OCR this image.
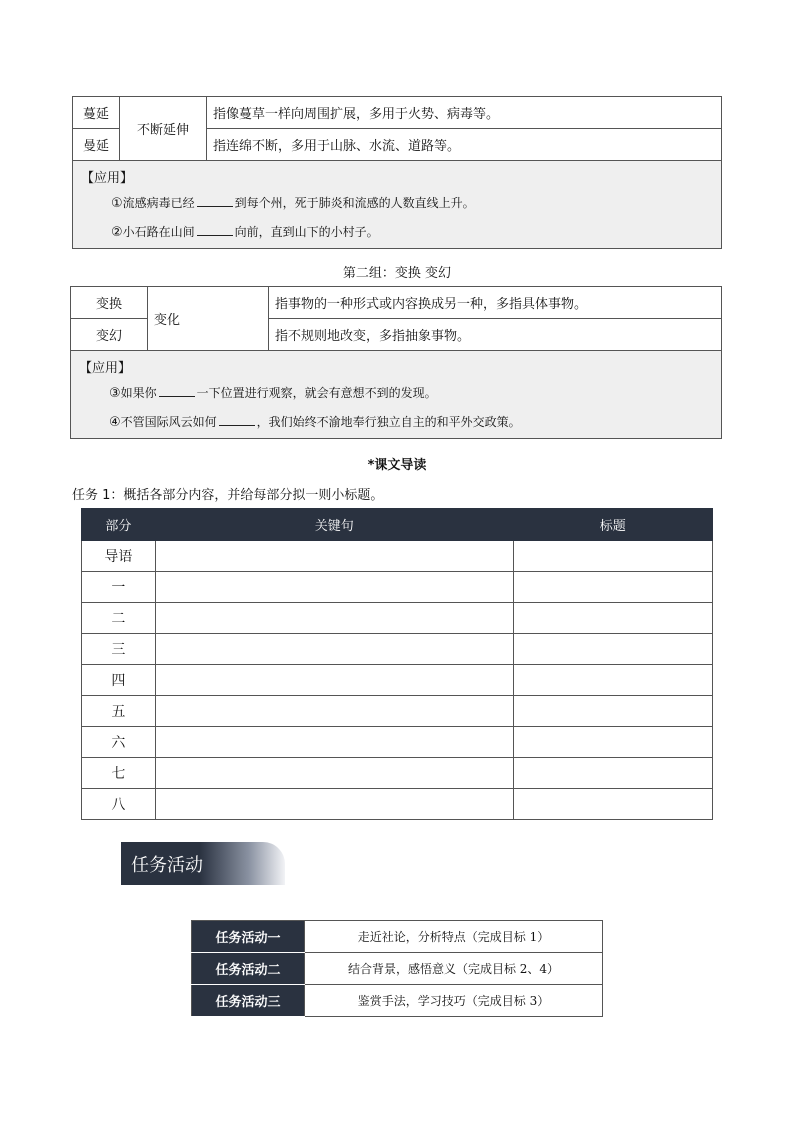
蔓延	不断延伸	指像蔓草一样向周围扩展，多用于火势、病毒等。
曼延		指连绵不断，多用于山脉、水流、道路等。

【应用】
①流感病毒已经 到每个州，死于肺炎和流感的人数直线上升。
②小石路在山间 向前，直到山下的小村子。		
第二组：变换 变幻
变换	变化	指事物的一种形式或内容换成另一种，多指具体事物。
变幻		指不规则地改变，多指抽象事物。

【应用】
③如果你 一下位置进行观察，就会有意想不到的发现。
④不管国际风云如何 ，我们始终不渝地奉行独立自主的和平外交政策。		
*课文导读
任务 1：概括各部分内容，并给每部分拟一则小标题。
部分	关键句	标题
导语		
一		
二		
三		
四		
五		
六		
七		
八		
任务活动
任务活动一	走近社论，分析特点（完成目标 1）
任务活动二	结合背景，感悟意义（完成目标 2、4）
任务活动三	鉴赏手法，学习技巧（完成目标 3）
